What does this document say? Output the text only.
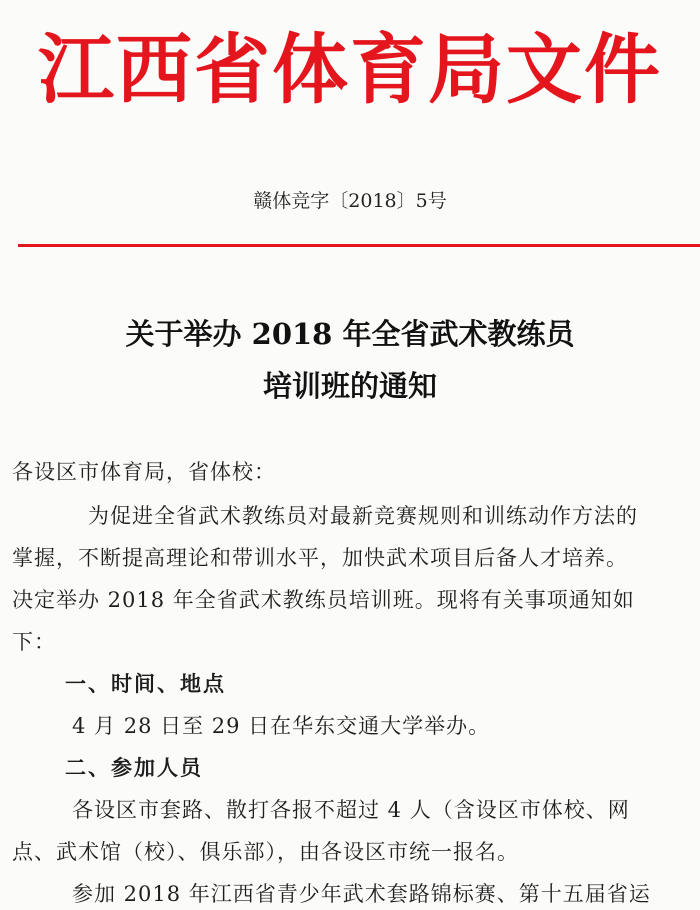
江西省体育局文件
赣体竞字〔2018〕5号
关于举办 2018 年全省武术教练员
培训班的通知
各设区市体育局，省体校：
为促进全省武术教练员对最新竞赛规则和训练动作方法的
掌握，不断提高理论和带训水平，加快武术项目后备人才培养。
决定举办 2018 年全省武术教练员培训班。现将有关事项通知如
下：
一、时间、地点
4 月 28 日至 29 日在华东交通大学举办。
二、参加人员
各设区市套路、散打各报不超过 4 人（含设区市体校、网
点、武术馆（校）、俱乐部），由各设区市统一报名。
参加 2018 年江西省青少年武术套路锦标赛、第十五届省运
